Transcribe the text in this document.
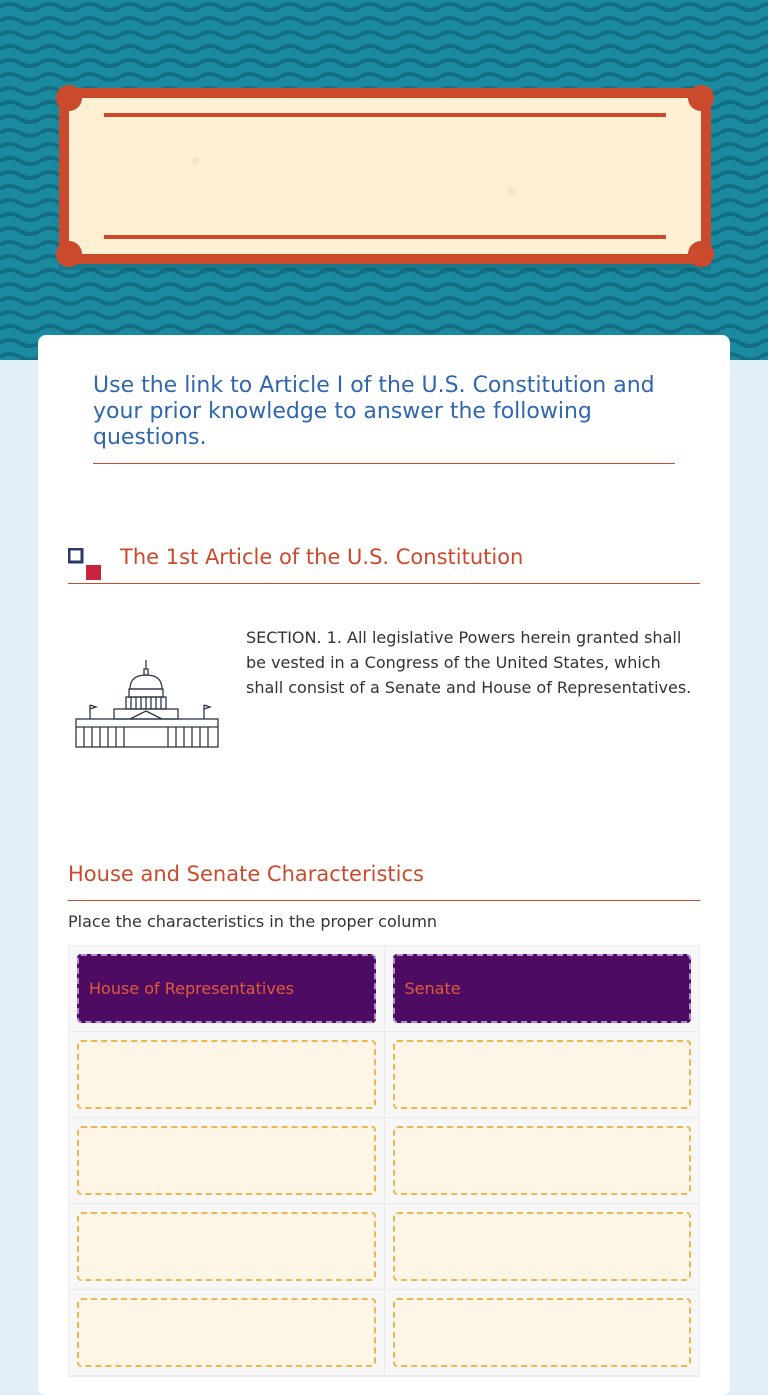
Use the link to Article I of the U.S. Constitution and your prior knowledge to answer the following questions.
The 1st Article of the U.S. Constitution
SECTION. 1. All legislative Powers herein granted shall be vested in a Congress of the United States, which shall consist of a Senate and House of Representatives.
House and Senate Characteristics
Place the characteristics in the proper column
House of Representatives	Senate
